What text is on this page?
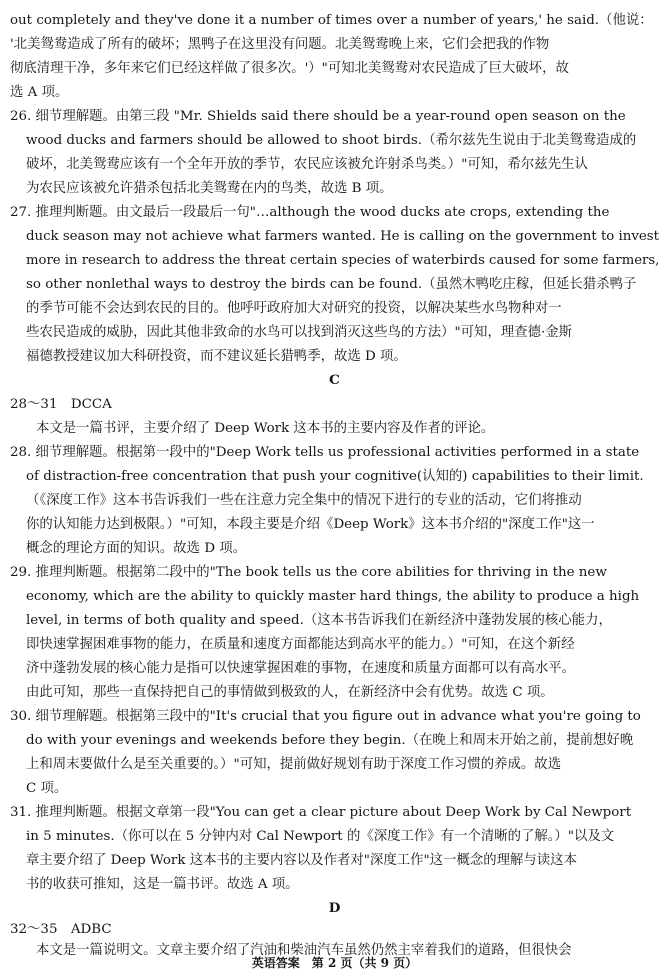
out completely and they've done it a number of times over a number of years,' he said.（他说：
'北美鸳鸯造成了所有的破坏；黑鸭子在这里没有问题。北美鸳鸯晚上来，它们会把我的作物
彻底清理干净，多年来它们已经这样做了很多次。'）"可知北美鸳鸯对农民造成了巨大破坏，故
选 A 项。
26. 细节理解题。由第三段 "Mr. Shields said there should be a year-round open season on the
wood ducks and farmers should be allowed to shoot birds.（希尔兹先生说由于北美鸳鸯造成的
破坏，北美鸳鸯应该有一个全年开放的季节，农民应该被允许射杀鸟类。）"可知，希尔兹先生认
为农民应该被允许猎杀包括北美鸳鸯在内的鸟类，故选 B 项。
27. 推理判断题。由文最后一段最后一句"…although the wood ducks ate crops, extending the
duck season may not achieve what farmers wanted. He is calling on the government to invest
more in research to address the threat certain species of waterbirds caused for some farmers,
so other nonlethal ways to destroy the birds can be found.（虽然木鸭吃庄稼，但延长猎杀鸭子
的季节可能不会达到农民的目的。他呼吁政府加大对研究的投资，以解决某些水鸟物种对一
些农民造成的威胁，因此其他非致命的水鸟可以找到消灭这些鸟的方法）"可知，理查德·金斯
福德教授建议加大科研投资，而不建议延长猎鸭季，故选 D 项。
C
28～31　DCCA
本文是一篇书评，主要介绍了 Deep Work 这本书的主要内容及作者的评论。
28. 细节理解题。根据第一段中的"Deep Work tells us professional activities performed in a state
of distraction-free concentration that push your cognitive(认知的) capabilities to their limit.
（《深度工作》这本书告诉我们一些在注意力完全集中的情况下进行的专业的活动，它们将推动
你的认知能力达到极限。）"可知，本段主要是介绍《Deep Work》这本书介绍的"深度工作"这一
概念的理论方面的知识。故选 D 项。
29. 推理判断题。根据第二段中的"The book tells us the core abilities for thriving in the new
economy, which are the ability to quickly master hard things, the ability to produce a high
level, in terms of both quality and speed.（这本书告诉我们在新经济中蓬勃发展的核心能力，
即快速掌握困难事物的能力，在质量和速度方面都能达到高水平的能力。）"可知，在这个新经
济中蓬勃发展的核心能力是指可以快速掌握困难的事物，在速度和质量方面都可以有高水平。
由此可知，那些一直保持把自己的事情做到极致的人，在新经济中会有优势。故选 C 项。
30. 细节理解题。根据第三段中的"It's crucial that you figure out in advance what you're going to
do with your evenings and weekends before they begin.（在晚上和周末开始之前，提前想好晚
上和周末要做什么是至关重要的。）"可知，提前做好规划有助于深度工作习惯的养成。故选
C 项。
31. 推理判断题。根据文章第一段"You can get a clear picture about Deep Work by Cal Newport
in 5 minutes.（你可以在 5 分钟内对 Cal Newport 的《深度工作》有一个清晰的了解。）"以及文
章主要介绍了 Deep Work 这本书的主要内容以及作者对"深度工作"这一概念的理解与读这本
书的收获可推知，这是一篇书评。故选 A 项。
D
32～35　ADBC
本文是一篇说明文。文章主要介绍了汽油和柴油汽车虽然仍然主宰着我们的道路，但很快会
英语答案　第 2 页（共 9 页）
